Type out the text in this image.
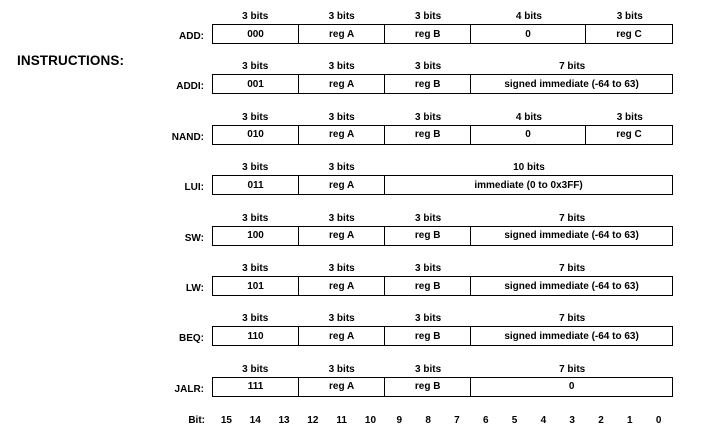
INSTRUCTIONS:
3 bits	3 bits	3 bits	4 bits	3 bits
ADD:	000	reg A	reg B	0	reg C
3 bits	3 bits	3 bits	7 bits
ADDI:	001	reg A	reg B	signed immediate (-64 to 63)
3 bits	3 bits	3 bits	4 bits	3 bits
NAND:	010	reg A	reg B	0	reg C
3 bits	3 bits	10 bits
LUI:	011	reg A	immediate (0 to 0x3FF)
3 bits	3 bits	3 bits	7 bits
SW:	100	reg A	reg B	signed immediate (-64 to 63)
3 bits	3 bits	3 bits	7 bits
LW:	101	reg A	reg B	signed immediate (-64 to 63)
3 bits	3 bits	3 bits	7 bits
BEQ:	110	reg A	reg B	signed immediate (-64 to 63)
3 bits	3 bits	3 bits	7 bits
JALR:	111	reg A	reg B	0
Bit:	15	14	13	12	11	10	9	8	7	6	5	4	3	2	1	0
